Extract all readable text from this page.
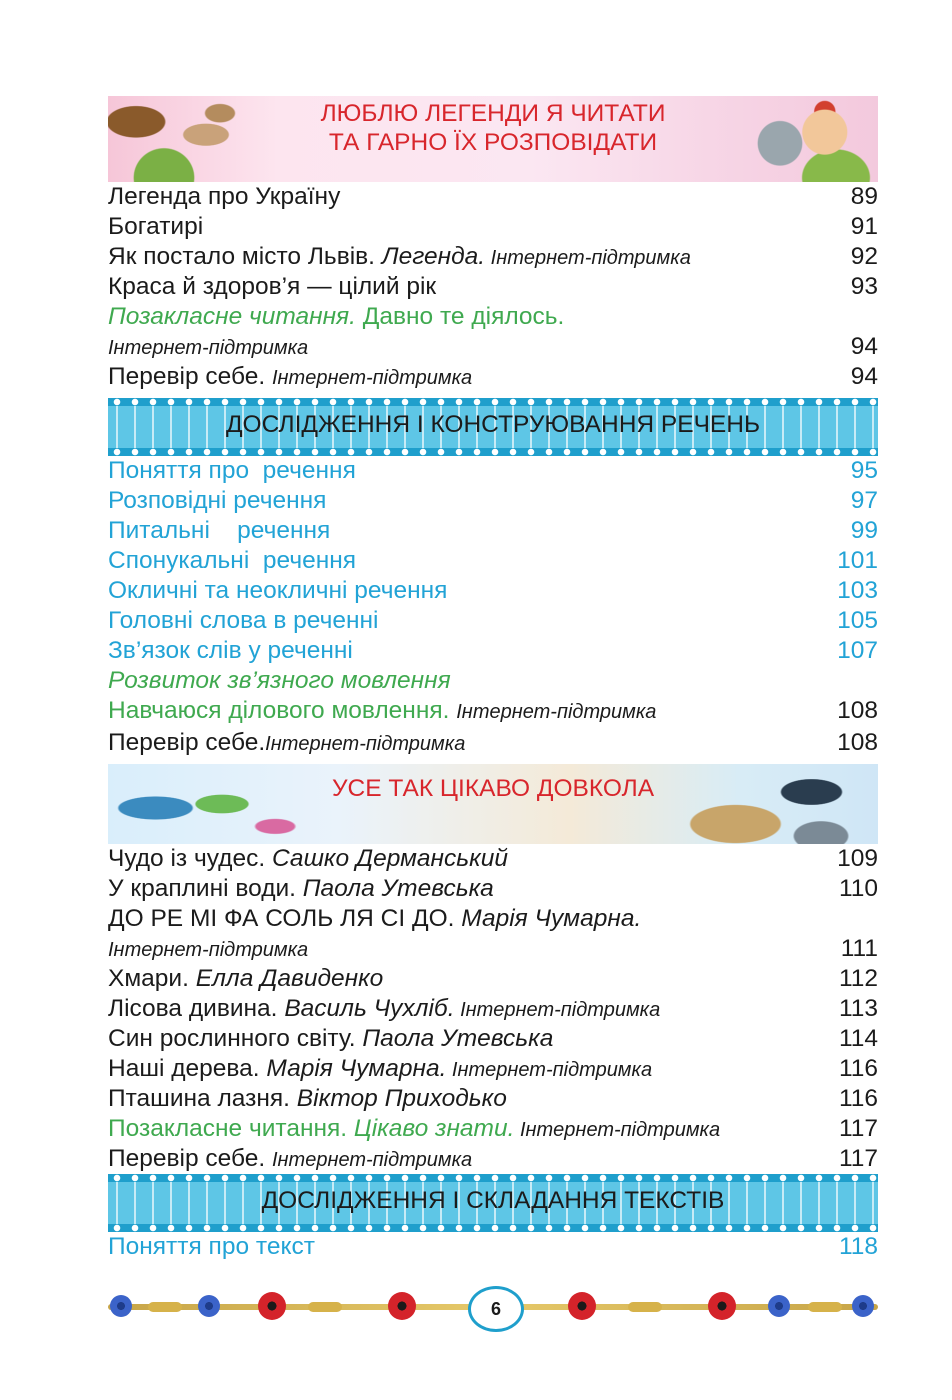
ЛЮБЛЮ ЛЕГЕНДИ Я ЧИТАТИ
ТА ГАРНО ЇХ РОЗПОВІДАТИ
Легенда про Україну	89
Богатирі	91
Як постало місто Львів. Легенда. Інтернет-підтримка	92
Краса й здоров’я — цілий рік	93
Позакласне читання. Давно те діялось.
Інтернет-підтримка	94
Перевір себе. Інтернет-підтримка	94
ДОСЛІДЖЕННЯ І КОНСТРУЮВАННЯ РЕЧЕНЬ
Поняття про  речення	95
Розповідні речення	97
Питальні    речення	99
Спонукальні  речення	101
Окличні та неокличні речення	103
Головні слова в реченні	105
Зв’язок слів у реченні	107
Розвиток зв’язного мовлення
Навчаюся ділового мовлення. Інтернет-підтримка	108
Перевір себе.Інтернет-підтримка	108
УСЕ ТАК ЦІКАВО ДОВКОЛА
Чудо із чудес. Сашко Дерманський	109
У краплині води. Паола Утевська	110
ДО РЕ МІ ФА СОЛЬ ЛЯ СІ ДО. Марія Чумарна.
Інтернет-підтримка	111
Хмари. Елла Давиденко	112
Лісова дивина. Василь Чухліб. Інтернет-підтримка	113
Син рослинного світу. Паола Утевська	114
Наші дерева. Марія Чумарна. Інтернет-підтримка	116
Пташина лазня. Віктор Приходько	116
Позакласне читання. Цікаво знати. Інтернет-підтримка	117
Перевір себе. Інтернет-підтримка	117
ДОСЛІДЖЕННЯ І СКЛАДАННЯ ТЕКСТІВ
Поняття про текст	118
6
